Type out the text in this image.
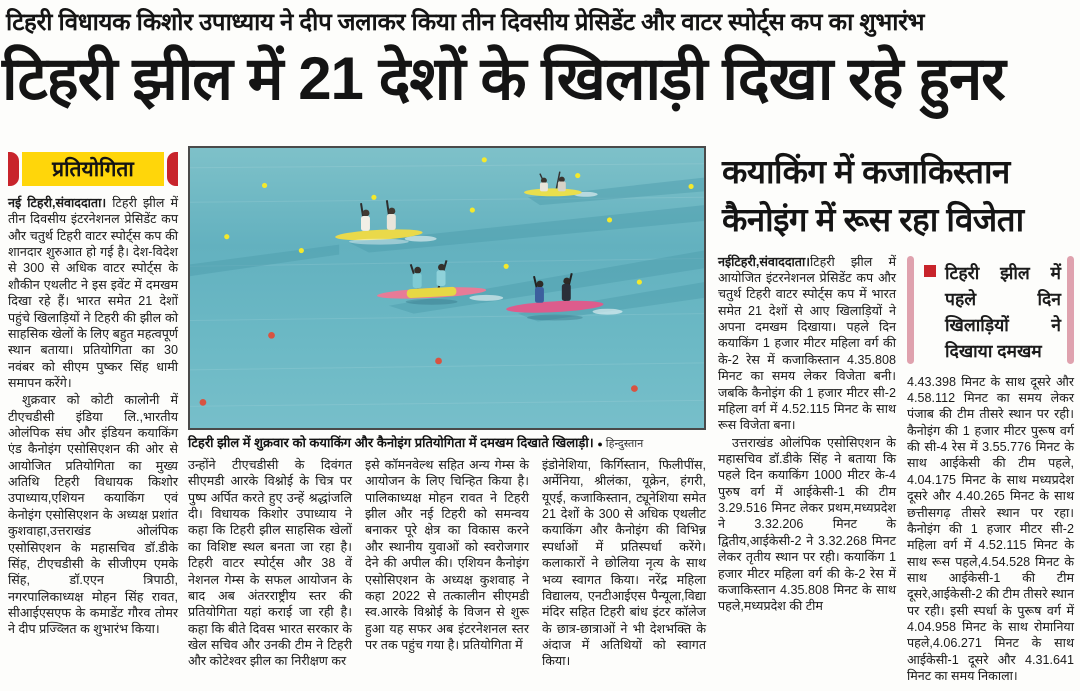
टिहरी विधायक किशोर उपाध्याय ने दीप जलाकर किया तीन दिवसीय प्रेसिडेंट और वाटर स्पोर्ट्स कप का शुभारंभ
टिहरी झील में 21 देशों के खिलाड़ी दिखा रहे हुनर
प्रतियोगिता

नई टिहरी,संवाददाता। टिहरी झील में तीन दिवसीय इंटरनेशनल प्रेसिडेंट कप और चतुर्थ टिहरी वाटर स्पोर्ट्स कप की शानदार शुरुआत हो गई है। देश-विदेश से 300 से अधिक वाटर स्पोर्ट्स के शौकीन एथलीट ने इस इवेंट में दमखम दिखा रहे हैं। भारत समेत 21 देशों पहुंचे खिलाड़ियों ने टिहरी की झील को साहसिक खेलों के लिए बहुत महत्वपूर्ण स्थान बताया। प्रतियोगिता का 30 नवंबर को सीएम पुष्कर सिंह धामी समापन करेंगे।

शुक्रवार को कोटी कालोनी में टीएचडीसी इंडिया लि.,भारतीय ओलंपिक संघ और इंडियन कयाकिंग एंड कैनोइंग एसोसिएशन की ओर से आयोजित प्रतियोगिता का मुख्य अतिथि टिहरी विधायक किशोर उपाध्याय,एशियन कयाकिंग एवं केनोइंग एसोसिएशन के अध्यक्ष प्रशांत कुशवाहा,उत्तराखंड ओलंपिक एसोसिएशन के महासचिव डॉ.डीके सिंह, टीएचडीसी के सीजीएम एमके सिंह, डॉ.एएन त्रिपाठी, नगरपालिकाध्यक्ष मोहन सिंह रावत, सीआईएसएफ के कमाडेंट गौरव तोमर ने दीप प्रज्व्लित क शुभारंभ किया।

टिहरी झील में शुक्रवार को कयाकिंग और कैनोइंग प्रतियोगिता में दमखम दिखाते खिलाड़ी। ● हिन्दुस्तान

उन्होंने टीएचडीसी के दिवंगत सीएमडी आरके विश्नोई के चित्र पर पुष्प अर्पित करते हुए उन्हें श्रद्धांजलि दी। विधायक किशोर उपाध्याय ने कहा कि टिहरी झील साहसिक खेलों का विशिष्ट स्थल बनता जा रहा है। टिहरी वाटर स्पोर्ट्स और 38 वें नेशनल गेम्स के सफल आयोजन के बाद अब अंतरराष्ट्रीय स्तर की प्रतियोगिता यहां कराई जा रही है। कहा कि बीते दिवस भारत सरकार के खेल सचिव और उनकी टीम ने टिहरी और कोटेश्वर झील का निरीक्षण कर

इसे कॉमनवेल्थ सहित अन्य गेम्स के आयोजन के लिए चिन्हित किया है। पालिकाध्यक्ष मोहन रावत ने टिहरी झील और नई टिहरी को समन्वय बनाकर पूरे क्षेत्र का विकास करने और स्थानीय युवाओं को स्वरोजगार देने की अपील की। एशियन कैनोइंग एसोसिएशन के अध्यक्ष कुशवाह ने कहा 2022 से तत्कालीन सीएमडी स्व.आरके विश्नोई के विजन से शुरू हुआ यह सफर अब इंटरनेशनल स्तर पर तक पहुंच गया है। प्रतियोगिता में

इंडोनेशिया, किर्गिस्तान, फिलीपींस, अर्मेनिया, श्रीलंका, यूक्रेन, हंगरी, यूएई, कजाकिस्तान, ट्यूनेशिया समेत 21 देशों के 300 से अधिक एथलीट कयाकिंग और कैनोइंग की विभिन्न स्पर्धाओं में प्रतिस्पर्धा करेंगे। कलाकारों ने छोलिया नृत्य के साथ भव्य स्वागत किया। नरेंद्र महिला विद्यालय, एनटीआईएस पैन्यूला,विद्या मंदिर सहित टिहरी बांध इंटर कॉलेज के छात्र-छात्राओं ने भी देशभक्ति के अंदाज में अतिथियों को स्वागत किया।

कयाकिंग में कजाकिस्तान
कैनोइंग में रूस रहा विजेता

नईटिहरी,संवाददाता।टिहरी झील में आयोजित इंटरनेशनल प्रेसिडेंट कप और चतुर्थ टिहरी वाटर स्पोर्ट्स कप में भारत समेत 21 देशों से आए खिलाड़ियों ने अपना दमखम दिखाया। पहले दिन कयाकिंग 1 हजार मीटर महिला वर्ग की के-2 रेस में कजाकिस्तान 4.35.808 मिनट का समय लेकर विजेता बनी। जबकि कैनोइंग की 1 हजार मीटर सी-2 महिला वर्ग में 4.52.115 मिनट के साथ रूस विजेता बना।

उत्तराखंड ओलंपिक एसोसिएशन के महासचिव डॉ.डीके सिंह ने बताया कि पहले दिन कयाकिंग 1000 मीटर के-4 पुरुष वर्ग में आईकेसी-1 की टीम 3.29.516 मिनट लेकर प्रथम,मध्यप्रदेश ने 3.32.206 मिनट के द्वितीय,आईकेसी-2 ने 3.32.268 मिनट लेकर तृतीय स्थान पर रही। कयाकिंग 1 हजार मीटर महिला वर्ग की के-2 रेस में कजाकिस्तान 4.35.808 मिनट के साथ पहले,मध्यप्रदेश की टीम

टिहरी झील में पहले दिन खिलाड़ियों ने दिखाया दमखम

4.43.398 मिनट के साथ दूसरे और 4.58.112 मिनट का समय लेकर पंजाब की टीम तीसरे स्थान पर रही। कैनोइंग की 1 हजार मीटर पुरूष वर्ग की सी-4 रेस में 3.55.776 मिनट के साथ आईकेसी की टीम पहले, 4.04.175 मिनट के साथ मध्यप्रदेश दूसरे और 4.40.265 मिनट के साथ छत्तीसगढ़ तीसरे स्थान पर रहा। कैनोइंग की 1 हजार मीटर सी-2 महिला वर्ग में 4.52.115 मिनट के साथ रूस पहले,4.54.528 मिनट के साथ आईकेसी-1 की टीम दूसरे,आईकेसी-2 की टीम तीसरे स्थान पर रही। इसी स्पर्धा के पुरूष वर्ग में 4.04.958 मिनट के साथ रोमानिया पहले,4.06.271 मिनट के साथ आईकेसी-1 दूसरे और 4.31.641 मिनट का समय निकाला।
